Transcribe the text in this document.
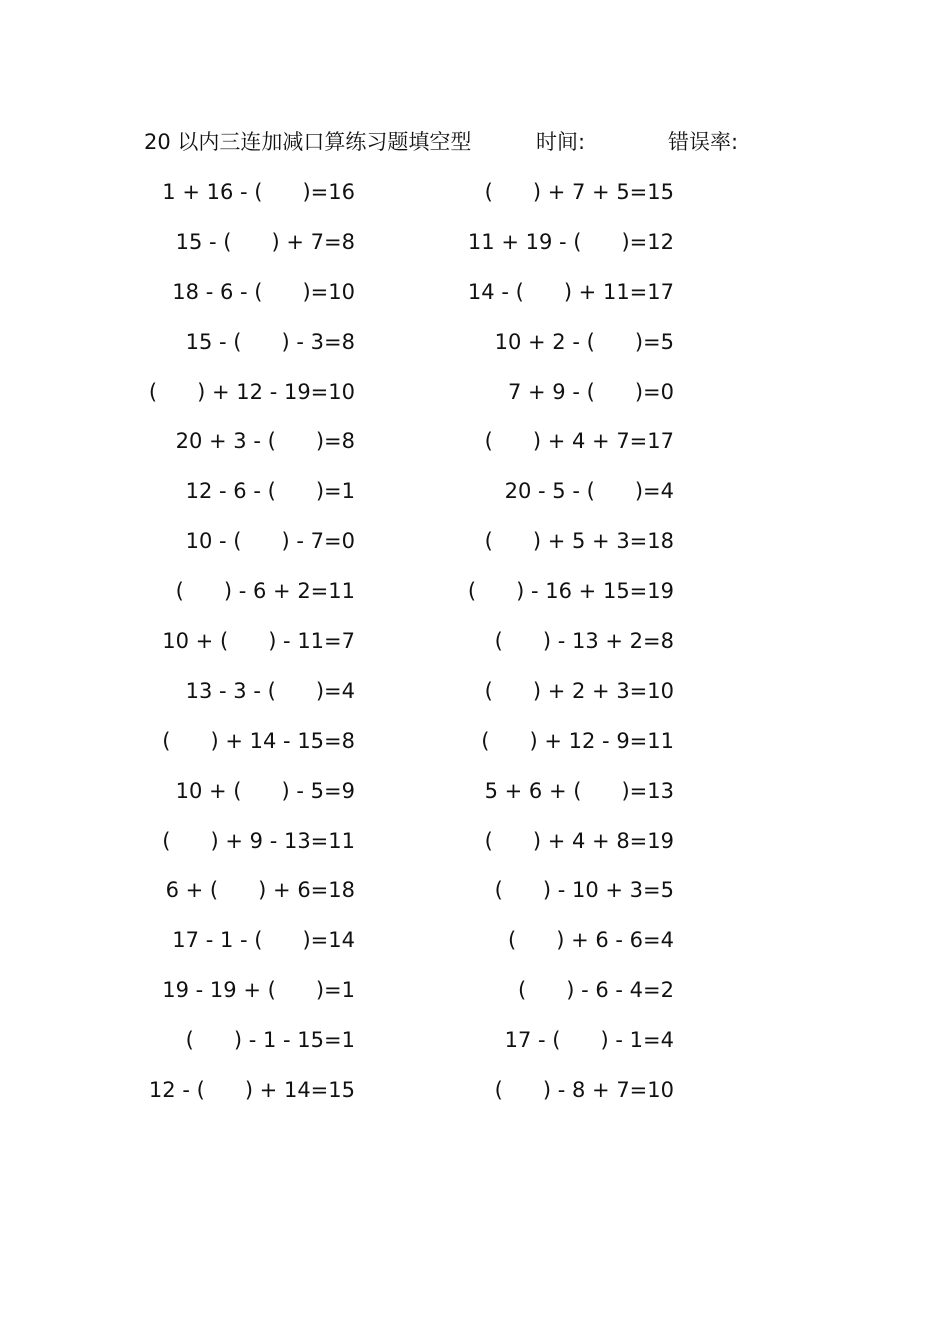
20 以内三连加减口算练习题填空型	时间:	错误率:
1 + 16 - (      )=16	(      ) + 7 + 5=15
15 - (      ) + 7=8	11 + 19 - (      )=12
18 - 6 - (      )=10	14 - (      ) + 11=17
15 - (      ) - 3=8	10 + 2 - (      )=5
(      ) + 12 - 19=10	7 + 9 - (      )=0
20 + 3 - (      )=8	(      ) + 4 + 7=17
12 - 6 - (      )=1	20 - 5 - (      )=4
10 - (      ) - 7=0	(      ) + 5 + 3=18
(      ) - 6 + 2=11	(      ) - 16 + 15=19
10 + (      ) - 11=7	(      ) - 13 + 2=8
13 - 3 - (      )=4	(      ) + 2 + 3=10
(      ) + 14 - 15=8	(      ) + 12 - 9=11
10 + (      ) - 5=9	5 + 6 + (      )=13
(      ) + 9 - 13=11	(      ) + 4 + 8=19
6 + (      ) + 6=18	(      ) - 10 + 3=5
17 - 1 - (      )=14	(      ) + 6 - 6=4
19 - 19 + (      )=1	(      ) - 6 - 4=2
(      ) - 1 - 15=1	17 - (      ) - 1=4
12 - (      ) + 14=15	(      ) - 8 + 7=10
